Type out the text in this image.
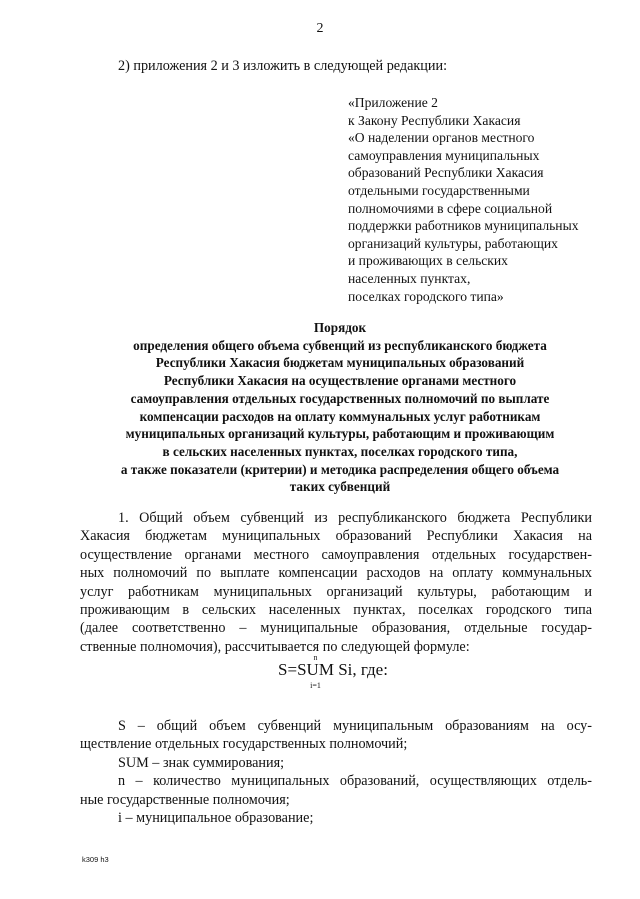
2
2) приложения 2 и 3 изложить в следующей редакции:
«Приложение 2
к Закону Республики Хакасия
«О наделении органов местного
самоуправления муниципальных
образований Республики Хакасия
отдельными государственными
полномочиями в сфере социальной
поддержки работников муниципальных
организаций культуры, работающих
и проживающих в сельских
населенных пунктах,
поселках городского типа»
Порядок
определения общего объема субвенций из республиканского бюджета
Республики Хакасия бюджетам муниципальных образований
Республики Хакасия на осуществление органами местного
самоуправления отдельных государственных полномочий по выплате
компенсации расходов на оплату коммунальных услуг работникам
муниципальных организаций культуры, работающим и проживающим
в сельских населенных пунктах, поселках городского типа,
а также показатели (критерии) и методика распределения общего объема
таких субвенций
1. Общий объем субвенций из республиканского бюджета Республики
Хакасия бюджетам муниципальных образований Республики Хакасия на
осуществление органами местного самоуправления отдельных государствен-
ных полномочий по выплате компенсации расходов на оплату коммунальных
услуг работникам муниципальных организаций культуры, работающим и
проживающим в сельских населенных пунктах, поселках городского типа
(далее соответственно – муниципальные образования, отдельные государ-
ственные полномочия), рассчитывается по следующей формуле:
S=
n
SUM
i=1
Si, где:
S – общий объем субвенций муниципальным образованиям на осу-
ществление отдельных государственных полномочий;
SUM – знак суммирования;
n – количество муниципальных образований, осуществляющих отдель-
ные государственные полномочия;
i – муниципальное образование;
k309 h3
